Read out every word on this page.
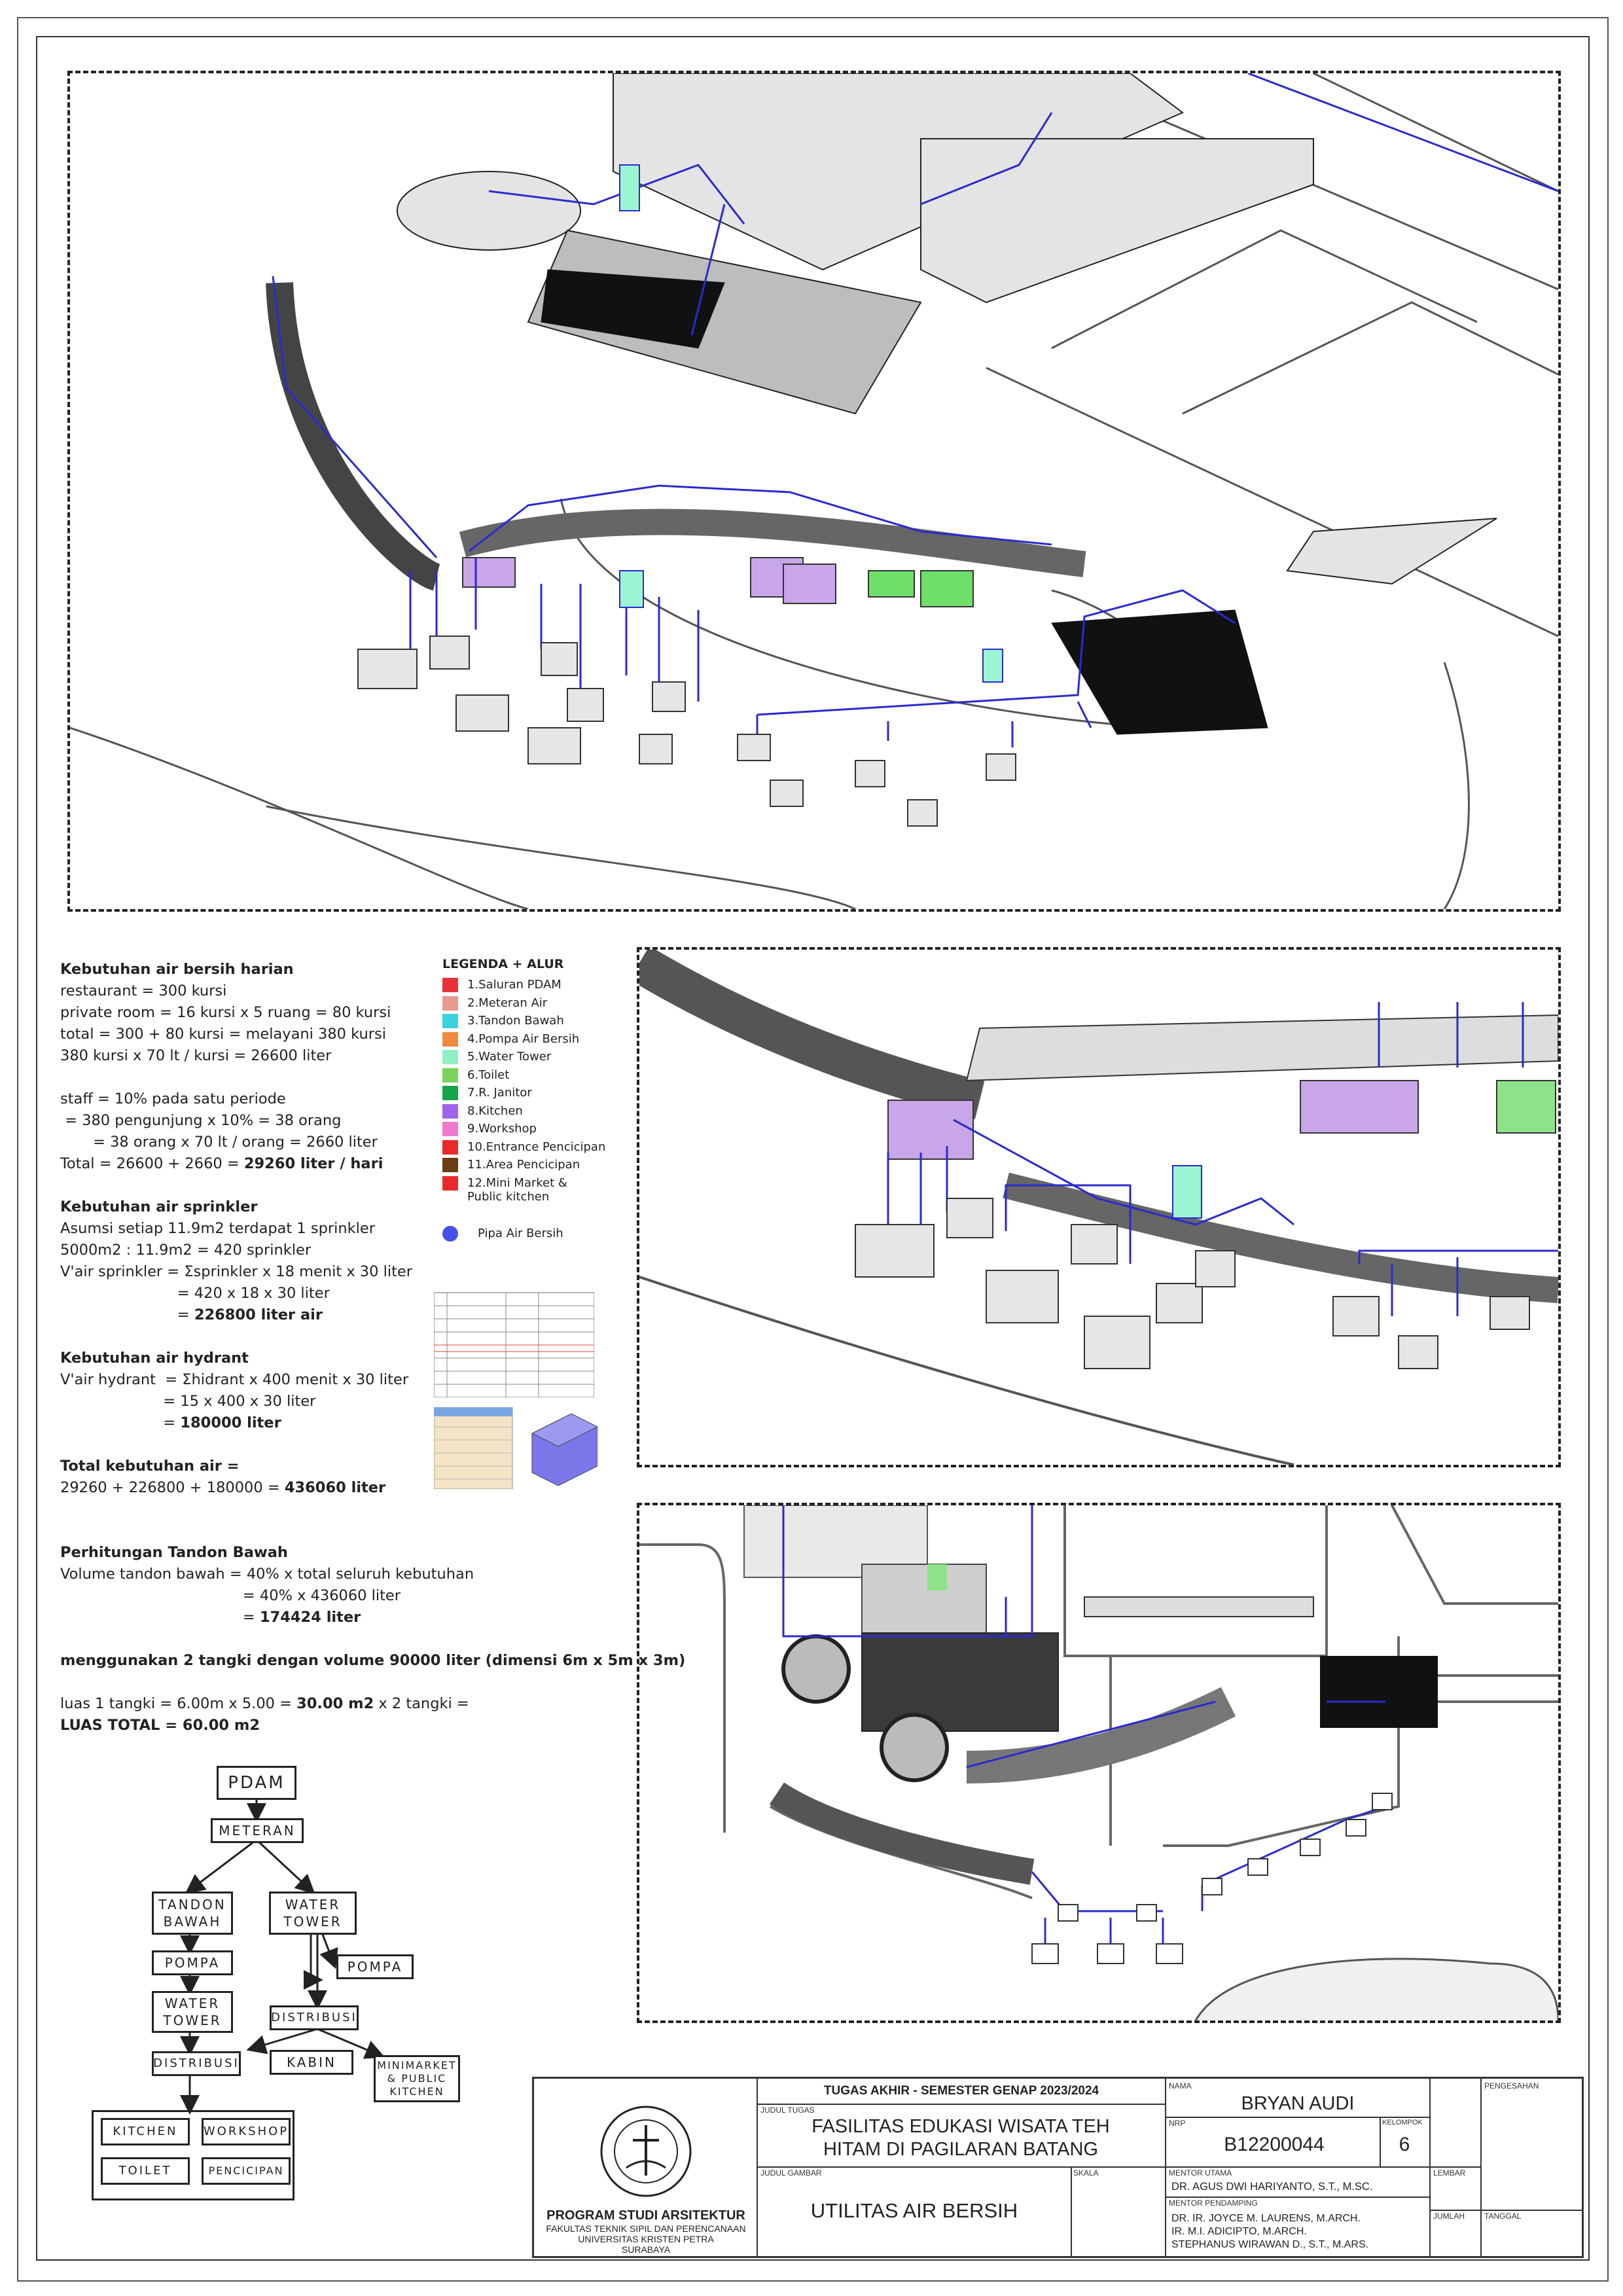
Kebutuhan air bersih harian
restaurant = 300 kursi
private room = 16 kursi x 5 ruang = 80 kursi
total = 300 + 80 kursi = melayani 380 kursi
380 kursi x 70 lt / kursi = 26600 liter
staff = 10% pada satu periode
= 380 pengunjung x 10% = 38 orang
= 38 orang x 70 lt / orang = 2660 liter
Total = 26600 + 2660 = 29260 liter / hari
Kebutuhan air sprinkler
Asumsi setiap 11.9m2 terdapat 1 sprinkler
5000m2 : 11.9m2 = 420 sprinkler
V'air sprinkler = Σsprinkler x 18 menit x 30 liter
= 420 x 18 x 30 liter
= 226800 liter air
Kebutuhan air hydrant
V'air hydrant  = Σhidrant x 400 menit x 30 liter
= 15 x 400 x 30 liter
= 180000 liter
Total kebutuhan air =
29260 + 226800 + 180000 = 436060 liter
Perhitungan Tandon Bawah
Volume tandon bawah = 40% x total seluruh kebutuhan
= 40% x 436060 liter
= 174424 liter
menggunakan 2 tangki dengan volume 90000 liter (dimensi 6m x 5m x 3m)
luas 1 tangki = 6.00m x 5.00 = 30.00 m2 x 2 tangki =
LUAS TOTAL = 60.00 m2
LEGENDA + ALUR
1.Saluran PDAM
2.Meteran Air
3.Tandon Bawah
4.Pompa Air Bersih
5.Water Tower
6.Toilet
7.R. Janitor
8.Kitchen
9.Workshop
10.Entrance Pencicipan
11.Area Pencicipan
12.Mini Market & Public kitchen
Pipa Air Bersih
PDAM
METERAN
TANDON BAWAH
WATER TOWER
POMPA	POMPA
WATER TOWER	DISTRIBUSI
DISTRIBUSI	KABIN	MINIMARKET & PUBLIC KITCHEN
KITCHEN	WORKSHOP
TOILET	PENCICIPAN
PROGRAM STUDI ARSITEKTUR
FAKULTAS TEKNIK SIPIL DAN PERENCANAAN
UNIVERSITAS KRISTEN PETRA
SURABAYA
TUGAS AKHIR - SEMESTER GENAP 2023/2024
JUDUL TUGAS
FASILITAS EDUKASI WISATA TEH HITAM DI PAGILARAN BATANG
JUDUL GAMBAR	SKALA
UTILITAS AIR BERSIH
NAMA
BRYAN AUDI
NRP
B12200044
KELOMPOK
6
MENTOR UTAMA
DR. AGUS DWI HARIYANTO, S.T., M.SC.
MENTOR PENDAMPING
DR. IR. JOYCE M. LAURENS, M.ARCH.
IR. M.I. ADICIPTO, M.ARCH.
STEPHANUS WIRAWAN D., S.T., M.ARS.
LEMBAR
JUMLAH
PENGESAHAN
TANGGAL
